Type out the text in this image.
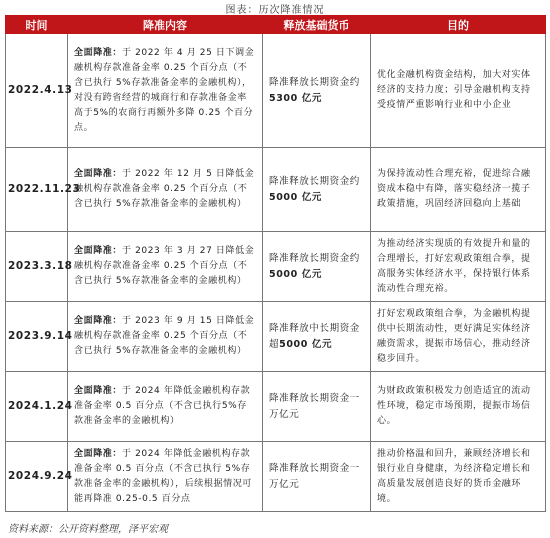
图表：历次降准情况
时间	降准内容	释放基础货币	目的
2022.4.13	全面降准：于 2022 年 4 月 25 日下调金融机构存款准备金率 0.25 个百分点（不含已执行 5%存款准备金率的金融机构），对没有跨省经营的城商行和存款准备金率高于5%的农商行再额外多降 0.25 个百分点。	降准释放长期资金约5300 亿元	优化金融机构资金结构，加大对实体经济的支持力度；引导金融机构支持受疫情严重影响行业和中小企业
2022.11.23	全面降准：于 2022 年 12 月 5 日降低金融机构存款准备金率 0.25 个百分点（不含已执行 5%存款准备金率的金融机构）	降准释放长期资金约5000 亿元	为保持流动性合理充裕，促进综合融资成本稳中有降，落实稳经济一揽子政策措施，巩固经济回稳向上基础
2023.3.18	全面降准：于 2023 年 3 月 27 日降低金融机构存款准备金率 0.25 个百分点（不含已执行 5%存款准备金率的金融机构）	降准释放长期资金约5000 亿元	为推动经济实现质的有效提升和量的合理增长，打好宏观政策组合拳，提高服务实体经济水平，保持银行体系流动性合理充裕。
2023.9.14	全面降准：于 2023 年 9 月 15 日降低金融机构存款准备金率 0.25 个百分点（不含已执行 5%存款准备金率的金融机构）	降准释放中长期资金超5000 亿元	打好宏观政策组合拳，为金融机构提供中长期流动性，更好满足实体经济融资需求，提振市场信心，推动经济稳步回升。
2024.1.24	全面降准：于 2024 年降低金融机构存款准备金率 0.5 百分点（不含已执行5%存款准备金率的金融机构）	降准释放长期资金一万亿元	为财政政策积极发力创造适宜的流动性环境，稳定市场预期，提振市场信心。
2024.9.24	全面降准：于 2024 年降低金融机构存款准备金率 0.5 百分点（不含已执行 5%存款准备金率的金融机构），后续根据情况可能再降准 0.25-0.5 百分点	降准释放长期资金一万亿元	推动价格温和回升，兼顾经济增长和银行业自身健康，为经济稳定增长和高质量发展创造良好的货币金融环境。
资料来源：公开资料整理，泽平宏观
